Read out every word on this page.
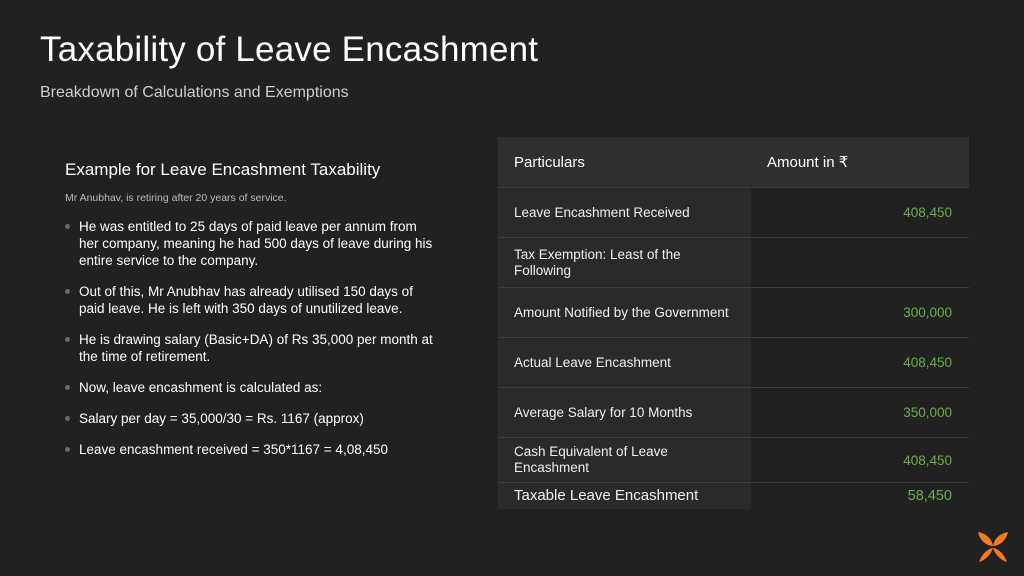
Taxability of Leave Encashment
Breakdown of Calculations and Exemptions
Example for Leave Encashment Taxability
Mr Anubhav, is retiring after 20 years of service.
He was entitled to 25 days of paid leave per annum from her company, meaning he had 500 days of leave during his entire service to the company.
Out of this, Mr Anubhav has already utilised 150 days of paid leave. He is left with 350 days of unutilized leave.
He is drawing salary (Basic+DA) of Rs 35,000 per month at the time of retirement.
Now, leave encashment is calculated as:
Salary per day = 35,000/30 = Rs. 1167 (approx)
Leave encashment received = 350*1167 = 4,08,450
Particulars	Amount in ₹
Leave Encashment Received	408,450
Tax Exemption: Least of the Following
Amount Notified by the Government	300,000
Actual Leave Encashment	408,450
Average Salary for 10 Months	350,000
Cash Equivalent of Leave Encashment	408,450
Taxable Leave Encashment	58,450
